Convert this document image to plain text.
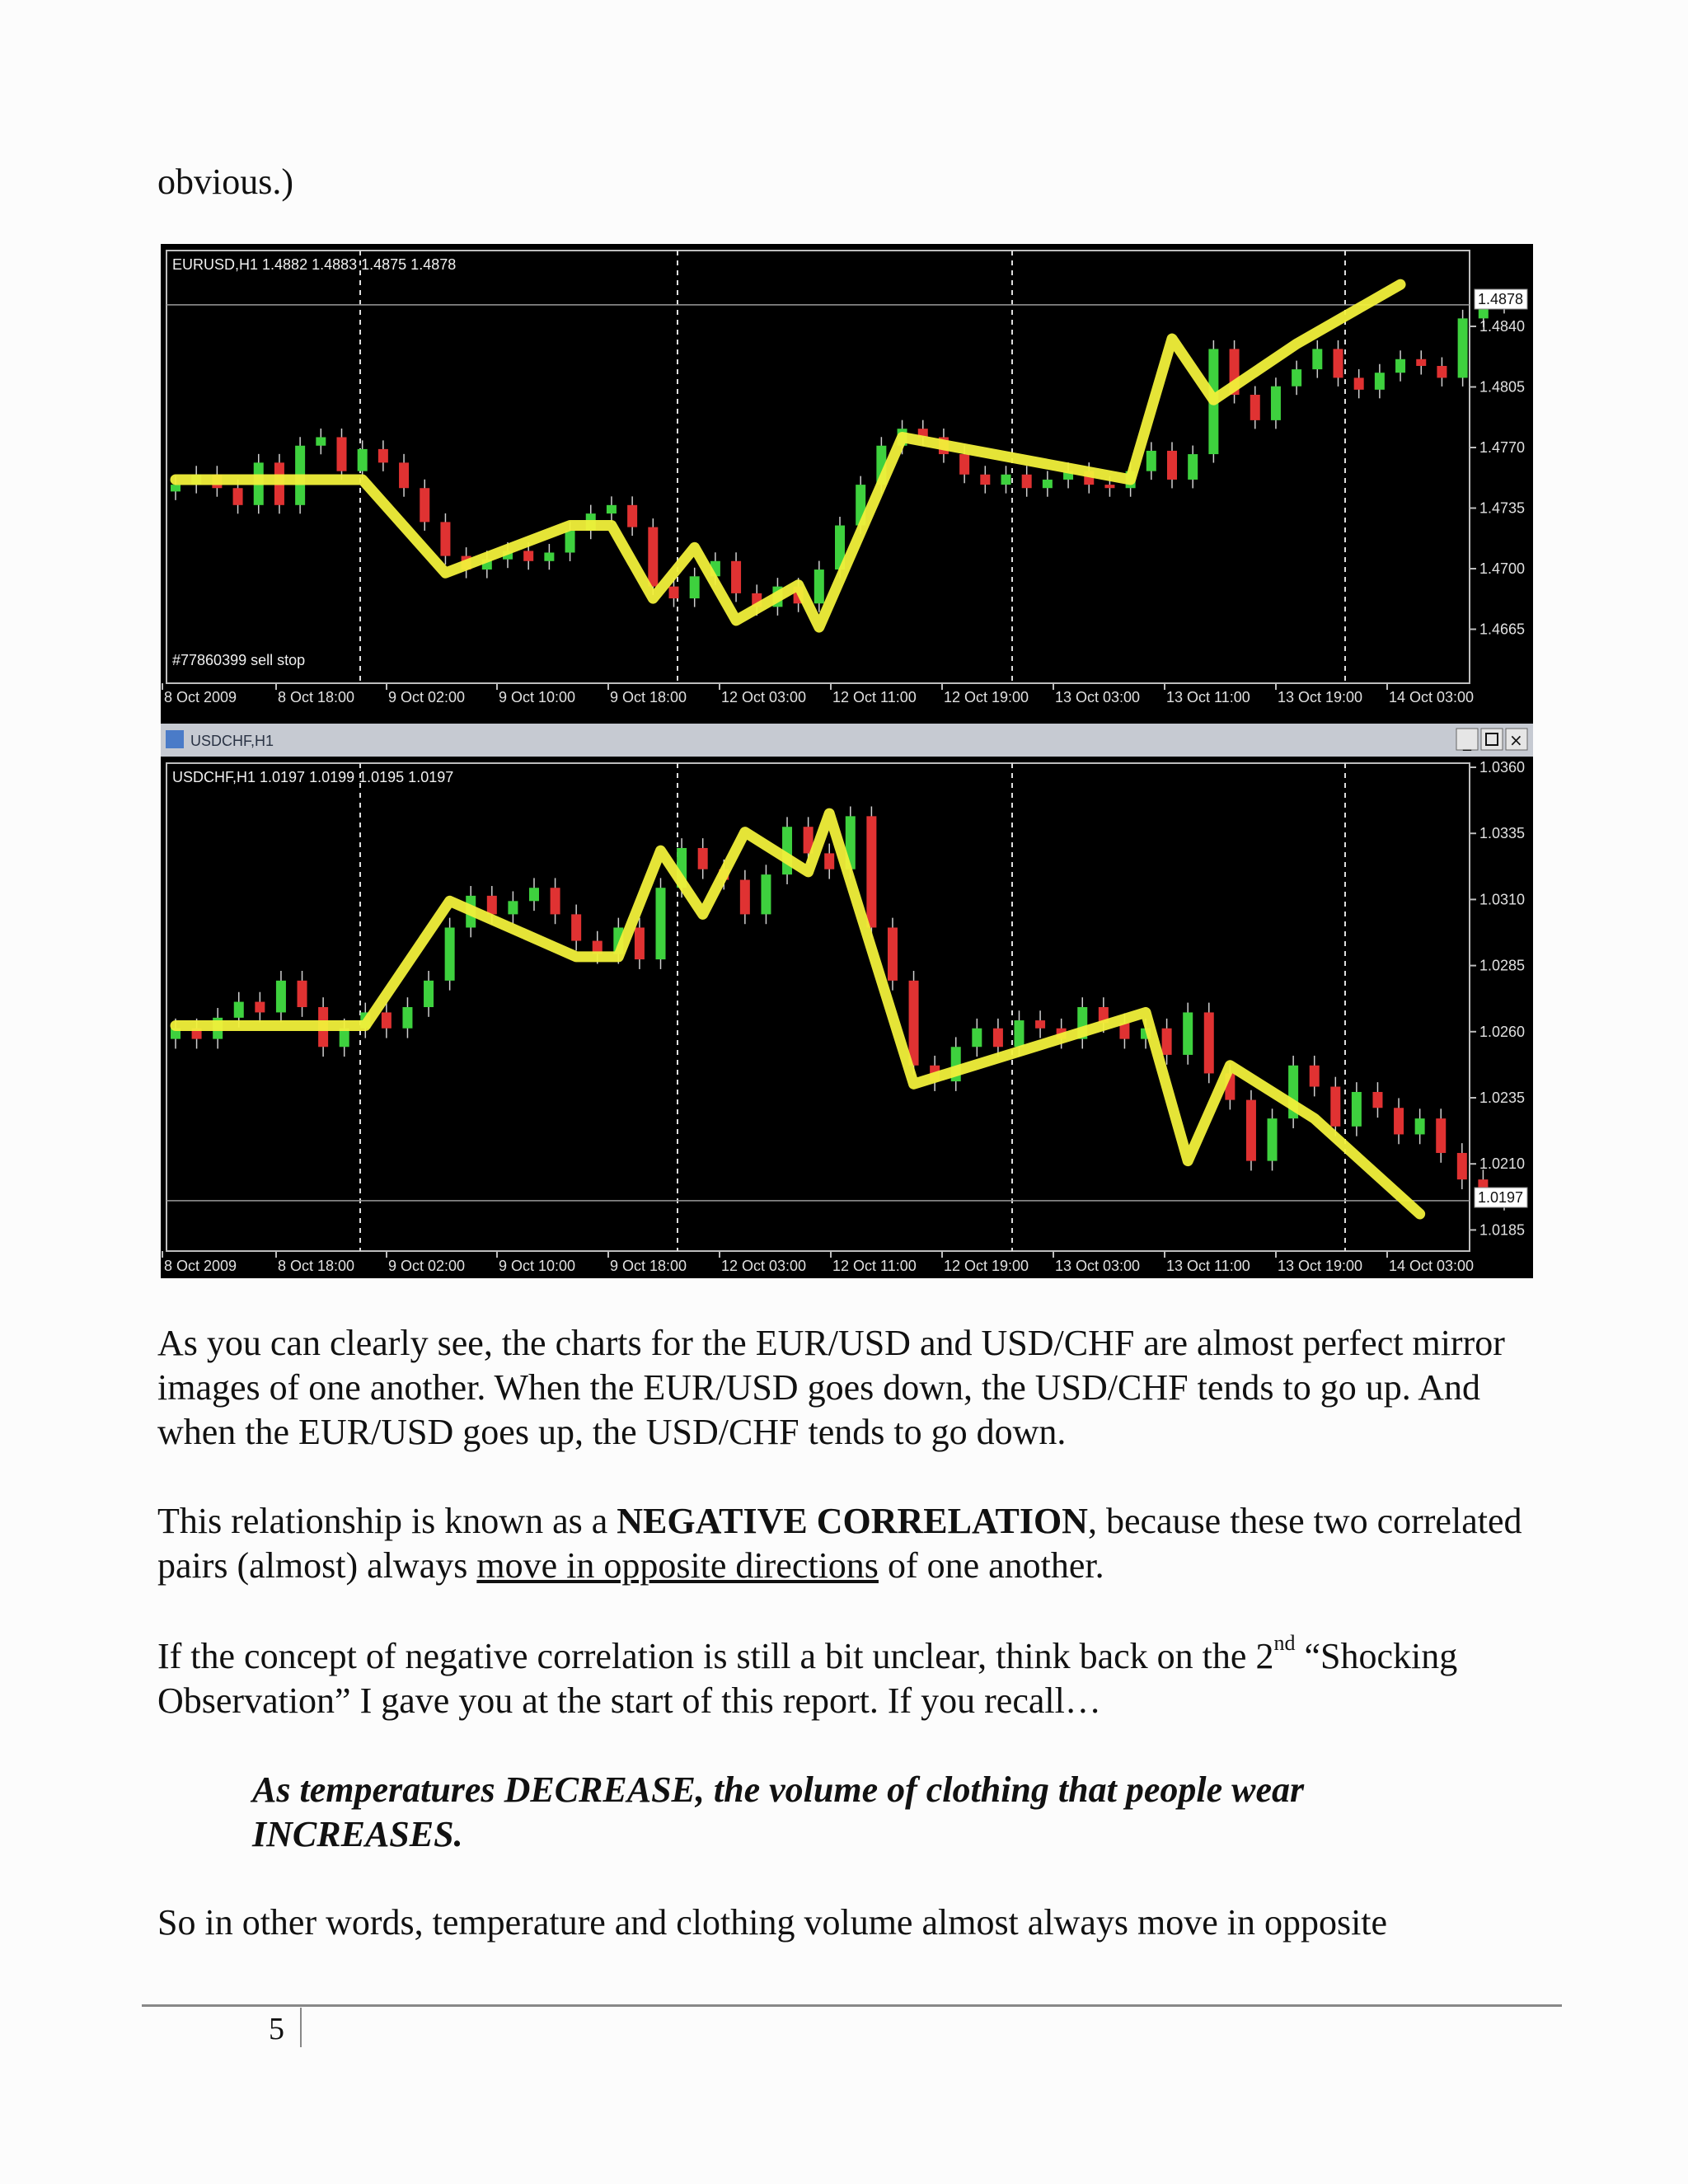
obvious.)

USDCHF,H1	_ ×
EURUSD,H1 1.4882 1.4883 1.4875 1.4878
#77860399 sell stop
1.4840
1.4805
1.4770
1.4735
1.4700
1.4665
1.4878
8 Oct 2009	8 Oct 18:00 9 Oct 02:00 9 Oct 10:00 9 Oct 18:00 12 Oct 03:00 12 Oct 11:00 12 Oct 19:00 13 Oct 03:00 13 Oct 11:00 13 Oct 19:00 14 Oct 03:00
USDCHF,H1 1.0197 1.0199 1.0195 1.0197
1.0360
1.0335
1.0310
1.0285
1.0260
1.0235
1.0210
1.0185
1.0197
8 Oct 2009	8 Oct 18:00 9 Oct 02:00 9 Oct 10:00 9 Oct 18:00 12 Oct 03:00 12 Oct 11:00 12 Oct 19:00 13 Oct 03:00 13 Oct 11:00 13 Oct 19:00 14 Oct 03:00

As you can clearly see, the charts for the EUR/USD and USD/CHF are almost perfect mirror images of one another. When the EUR/USD goes down, the USD/CHF tends to go up. And when the EUR/USD goes up, the USD/CHF tends to go down.

This relationship is known as a NEGATIVE CORRELATION, because these two correlated pairs (almost) always move in opposite directions of one another.

If the concept of negative correlation is still a bit unclear, think back on the 2nd “Shocking Observation” I gave you at the start of this report. If you recall…

As temperatures DECREASE, the volume of clothing that people wear INCREASES.

So in other words, temperature and clothing volume almost always move in opposite

5
